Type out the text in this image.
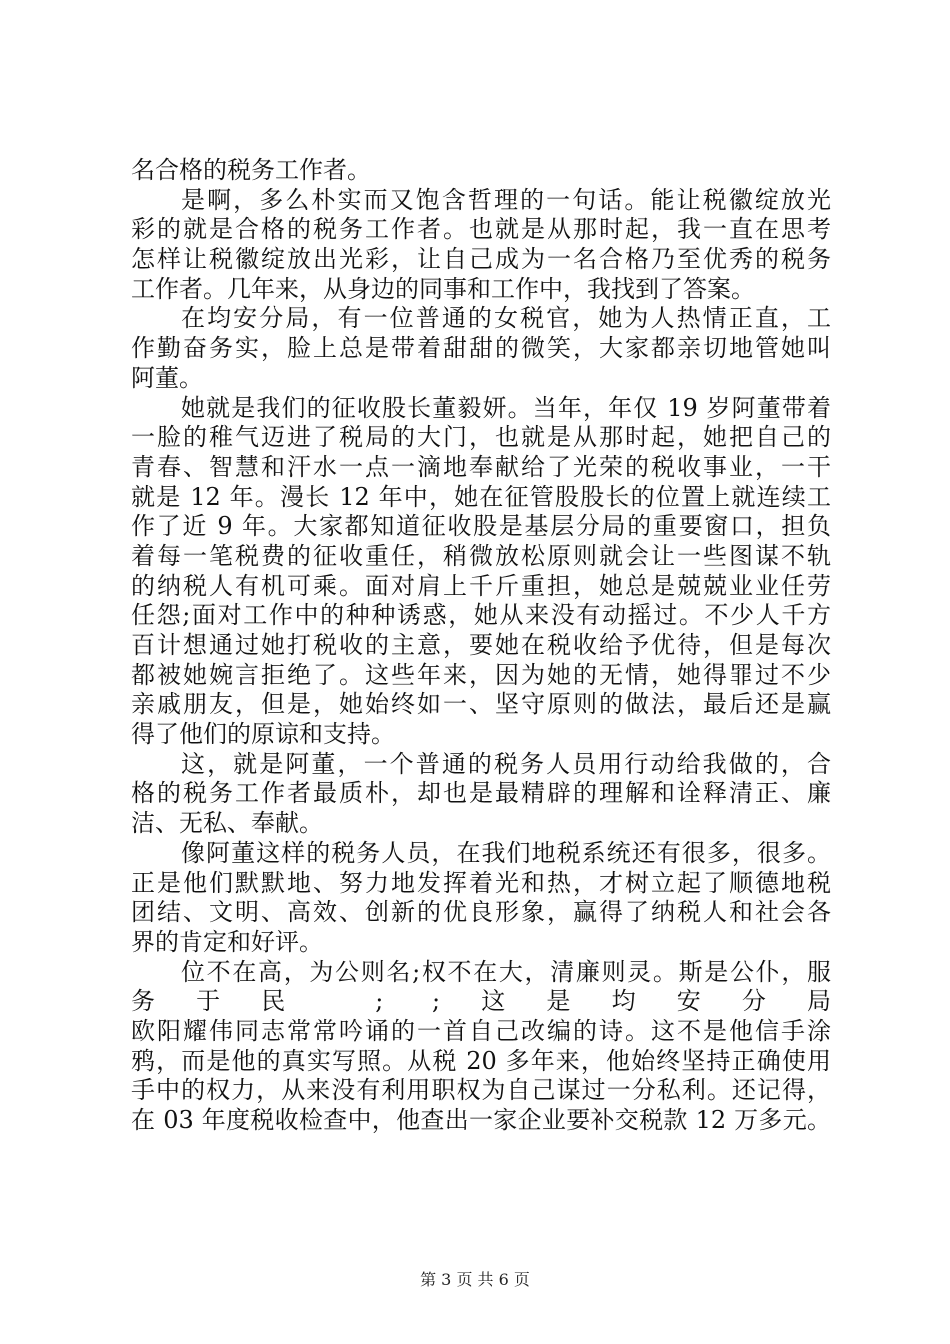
名合格的税务工作者。
是啊，多么朴实而又饱含哲理的一句话。能让税徽绽放光
彩的就是合格的税务工作者。也就是从那时起，我一直在思考
怎样让税徽绽放出光彩，让自己成为一名合格乃至优秀的税务
工作者。几年来，从身边的同事和工作中，我找到了答案。
在均安分局，有一位普通的女税官，她为人热情正直，工
作勤奋务实，脸上总是带着甜甜的微笑，大家都亲切地管她叫
阿董。
她就是我们的征收股长董毅妍。当年，年仅 19 岁阿董带着
一脸的稚气迈进了税局的大门，也就是从那时起，她把自己的
青春、智慧和汗水一点一滴地奉献给了光荣的税收事业，一干
就是 12 年。漫长 12 年中，她在征管股股长的位置上就连续工
作了近 9 年。大家都知道征收股是基层分局的重要窗口，担负
着每一笔税费的征收重任，稍微放松原则就会让一些图谋不轨
的纳税人有机可乘。面对肩上千斤重担，她总是兢兢业业任劳
任怨;面对工作中的种种诱惑，她从来没有动摇过。不少人千方
百计想通过她打税收的主意，要她在税收给予优待，但是每次
都被她婉言拒绝了。这些年来，因为她的无情，她得罪过不少
亲戚朋友，但是，她始终如一、坚守原则的做法，最后还是赢
得了他们的原谅和支持。
这，就是阿董，一个普通的税务人员用行动给我做的，合
格的税务工作者最质朴，却也是最精辟的理解和诠释清正、廉
洁、无私、奉献。
像阿董这样的税务人员，在我们地税系统还有很多，很多。
正是他们默默地、努力地发挥着光和热，才树立起了顺德地税
团结、文明、高效、创新的优良形象，赢得了纳税人和社会各
界的肯定和好评。
位不在高，为公则名;权不在大，清廉则灵。斯是公仆，服
务于民 ; ;这是均安分局
欧阳耀伟同志常常吟诵的一首自己改编的诗。这不是他信手涂
鸦，而是他的真实写照。从税 20 多年来，他始终坚持正确使用
手中的权力，从来没有利用职权为自己谋过一分私利。还记得，
在 03 年度税收检查中，他查出一家企业要补交税款 12 万多元。
第 3 页 共 6 页
